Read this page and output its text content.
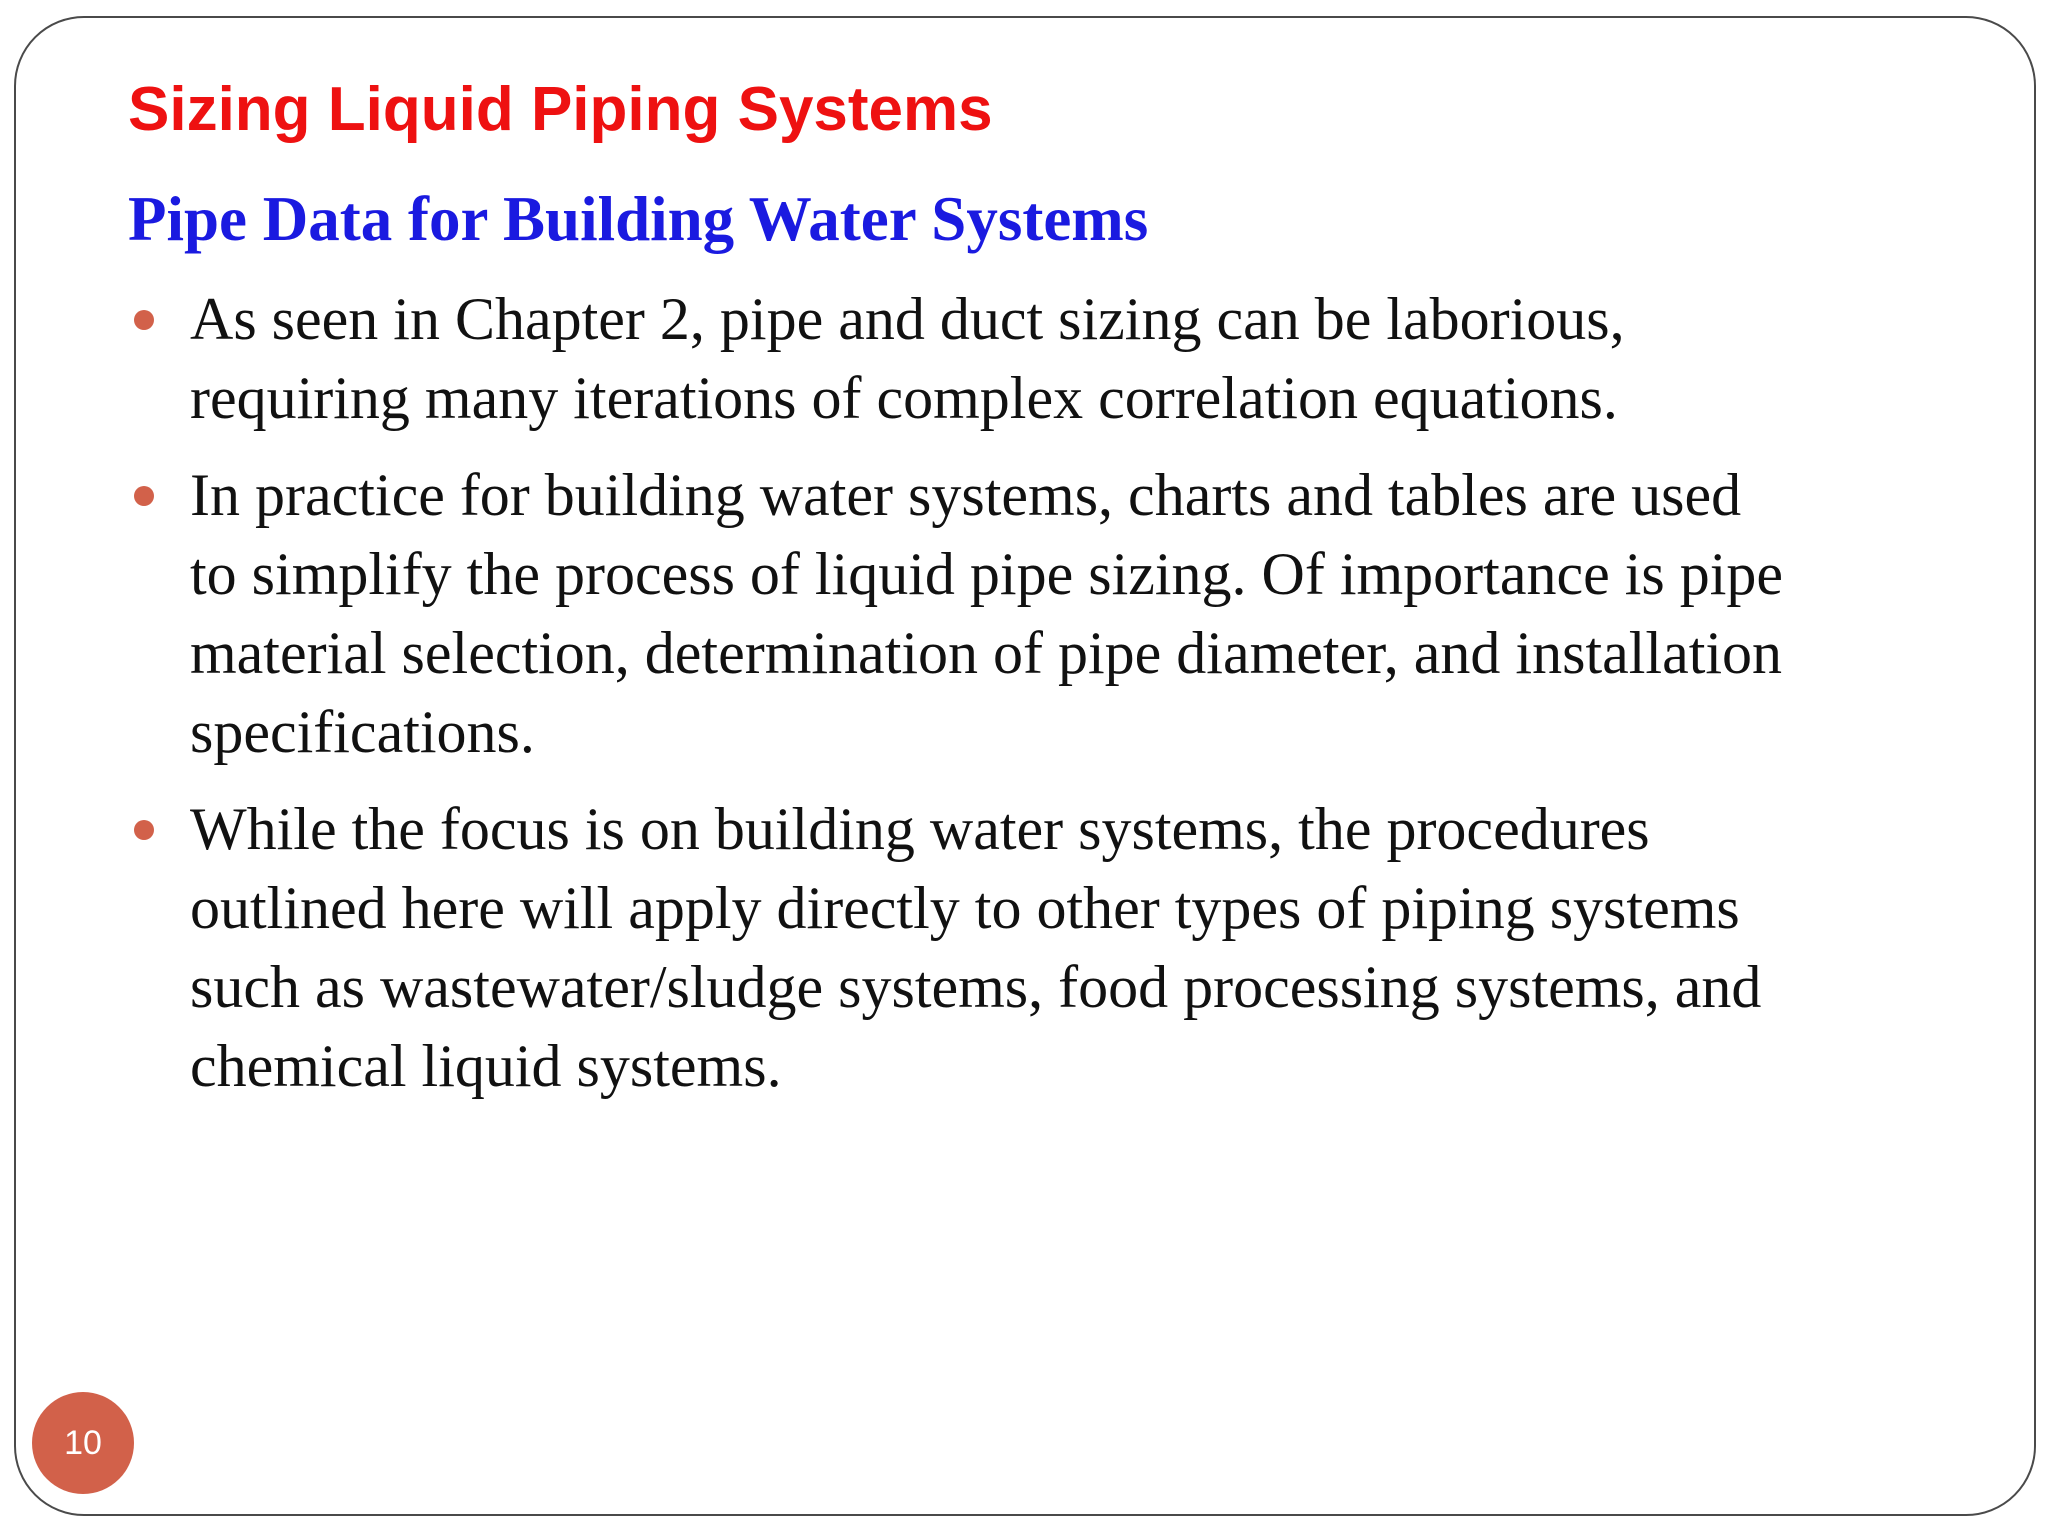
Sizing Liquid Piping Systems
Pipe Data for Building Water Systems
As seen in Chapter 2, pipe and duct sizing can be laborious,
requiring many iterations of complex correlation equations.
In practice for building water systems, charts and tables are used
to simplify the process of liquid pipe sizing. Of importance is pipe
material selection, determination of pipe diameter, and installation
specifications.
While the focus is on building water systems, the procedures
outlined here will apply directly to other types of piping systems
such as wastewater/sludge systems, food processing systems, and
chemical liquid systems.
10
